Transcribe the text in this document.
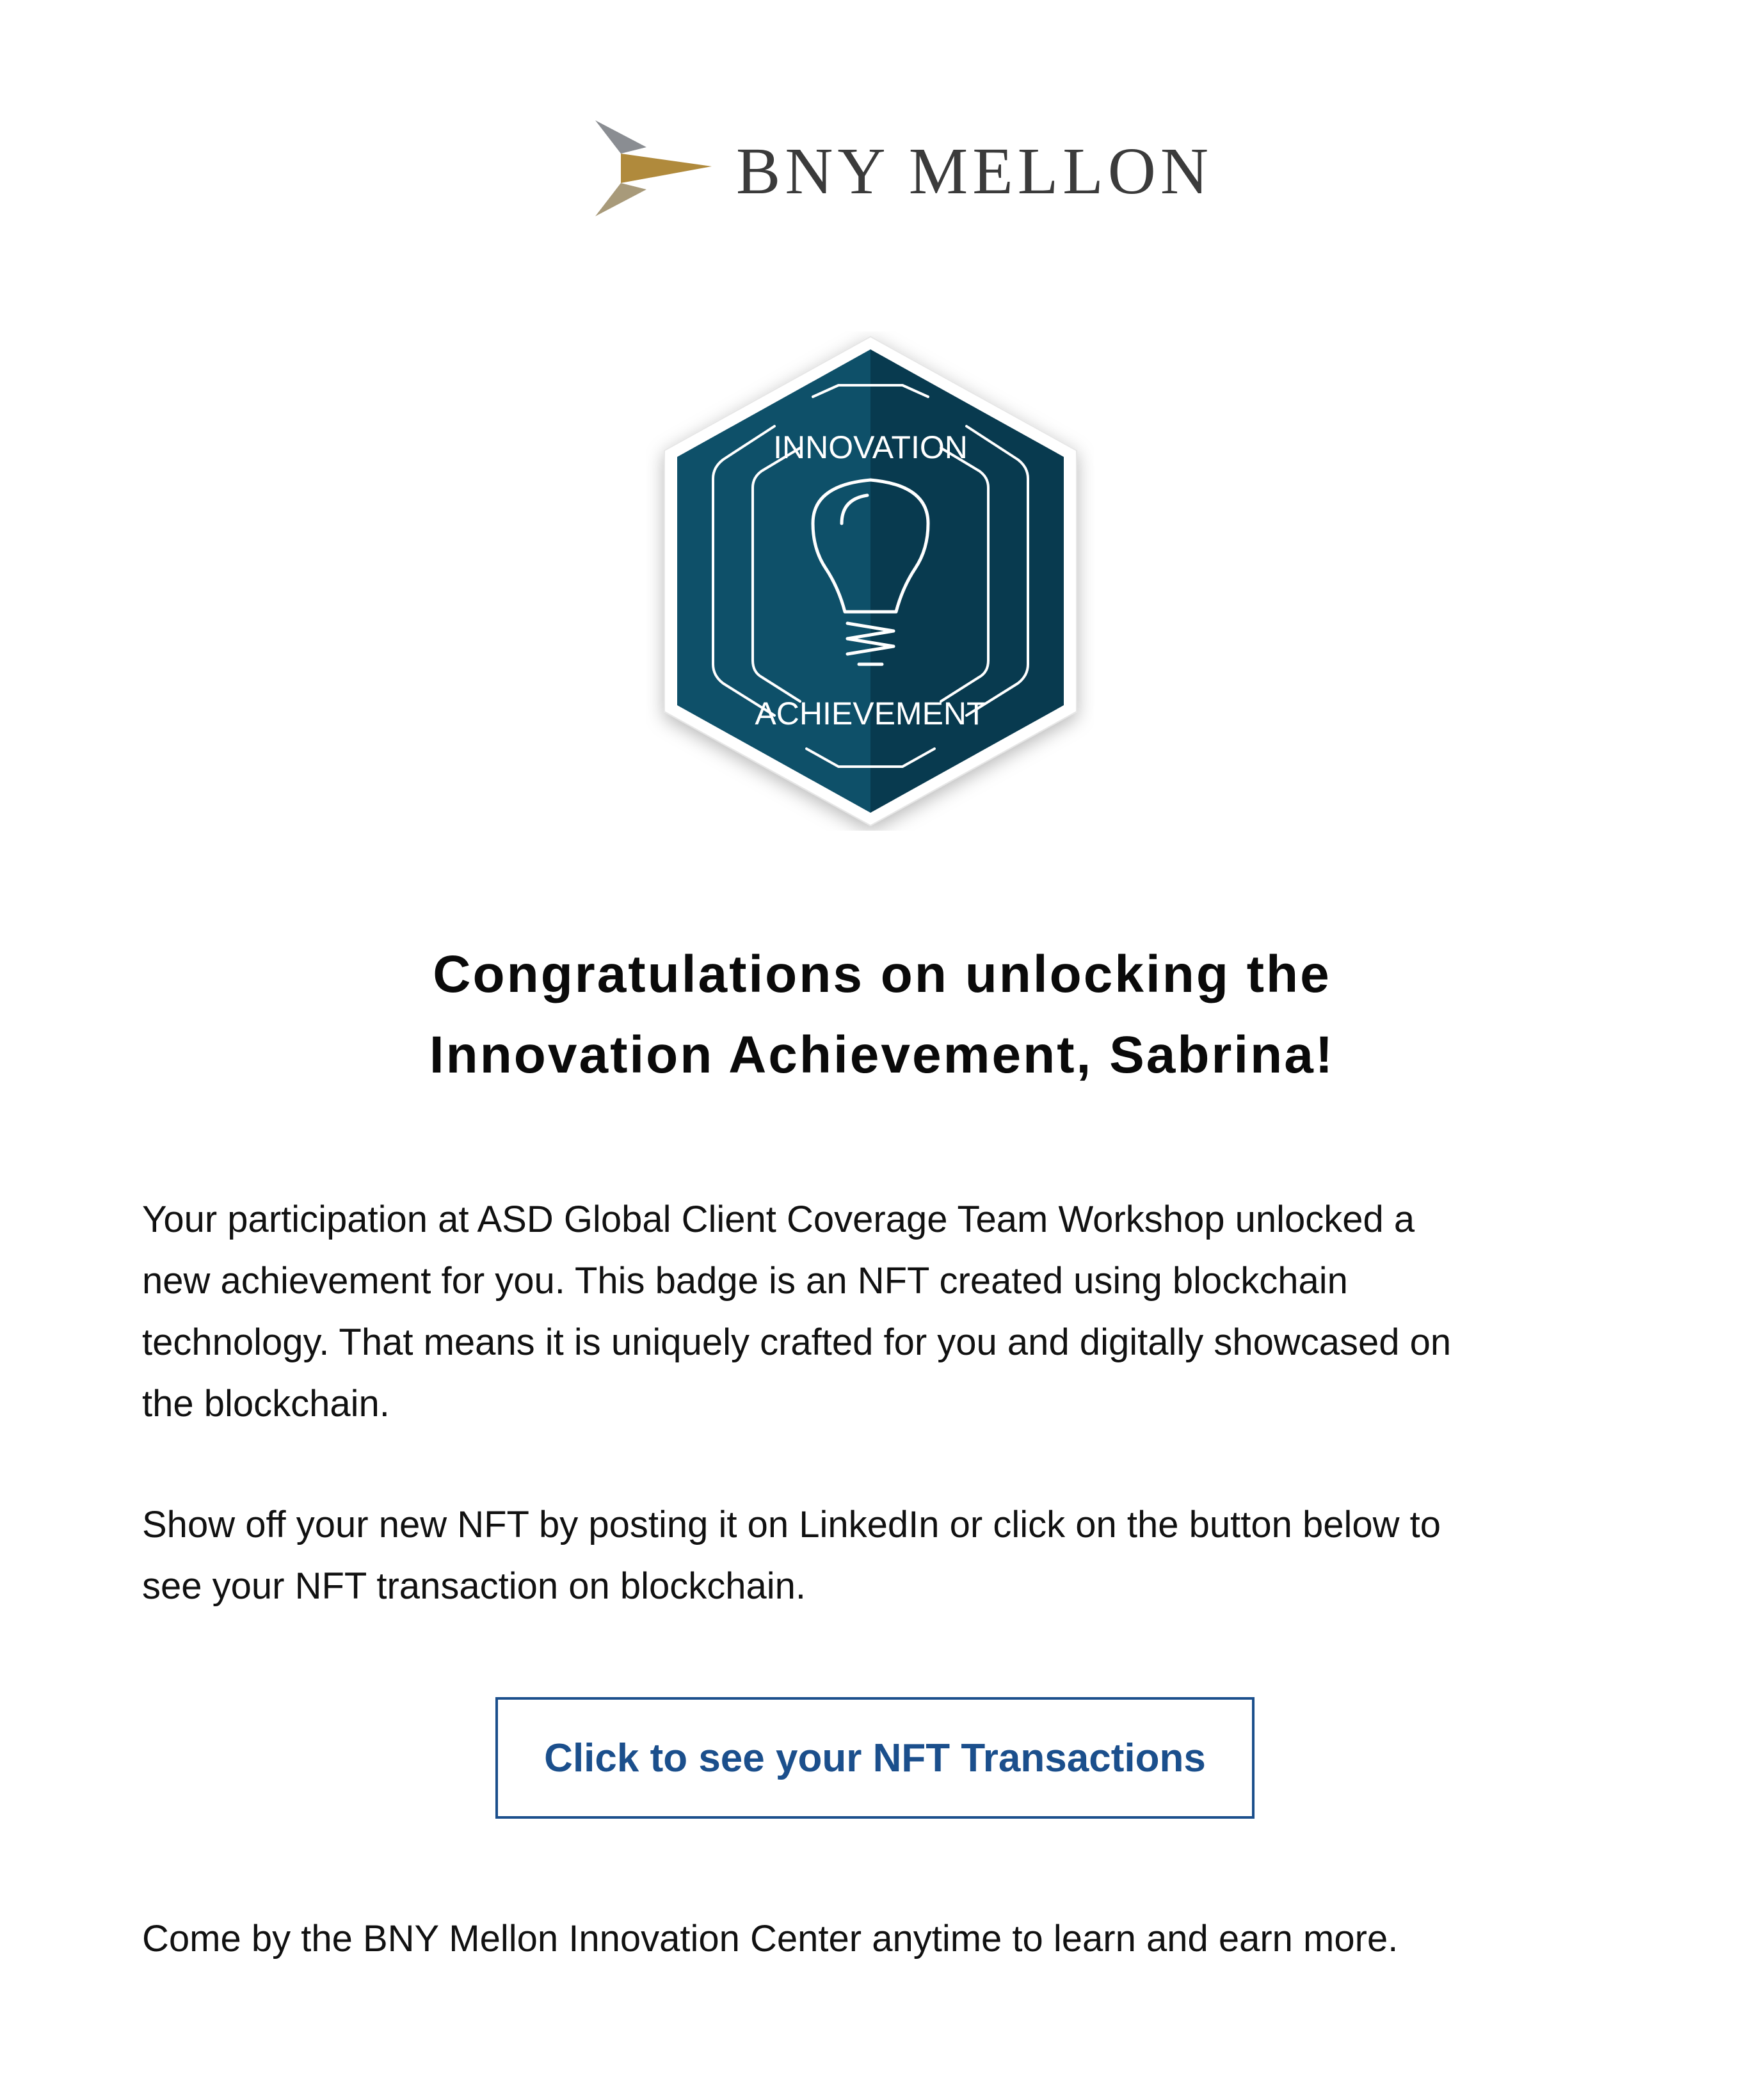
BNY MELLON
INNOVATION
ACHIEVEMENT
Congratulations on unlocking the
Innovation Achievement, Sabrina!
Your participation at ASD Global Client Coverage Team Workshop unlocked a
new achievement for you. This badge is an NFT created using blockchain
technology. That means it is uniquely crafted for you and digitally showcased on
the blockchain.
Show off your new NFT by posting it on LinkedIn or click on the button below to
see your NFT transaction on blockchain.
Click to see your NFT Transactions
Come by the BNY Mellon Innovation Center anytime to learn and earn more.
